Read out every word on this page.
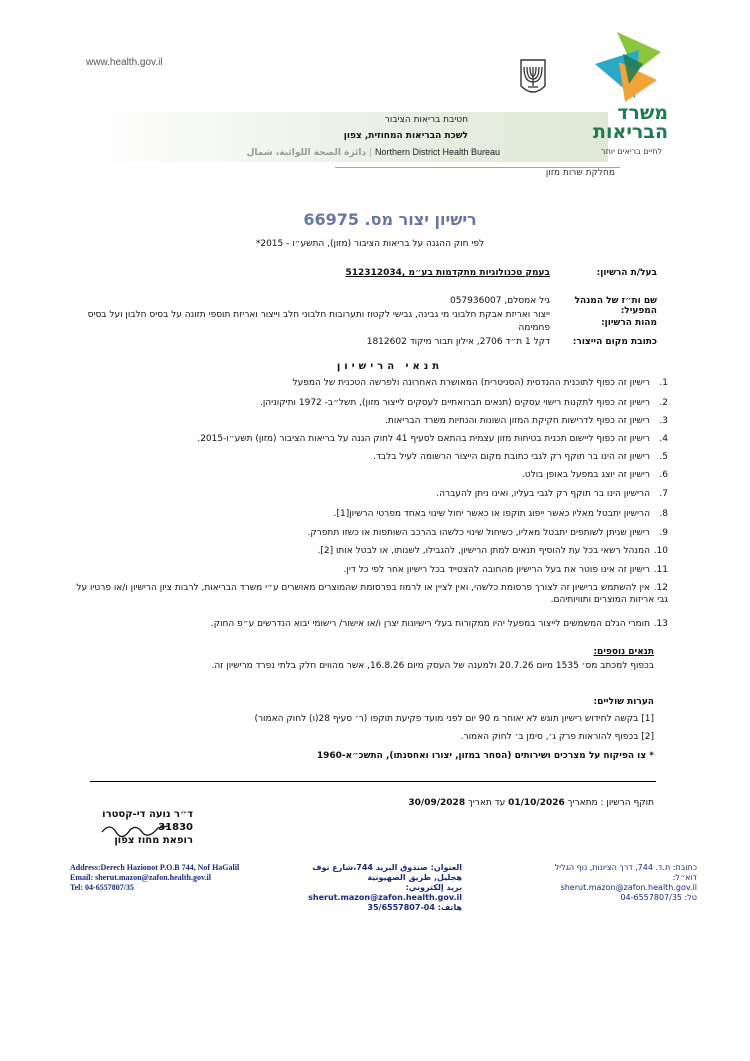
www.health.gov.il
משרד
הבריאות
לחיים בריאים יותר
חטיבת בריאות הציבור
לשכת הבריאות המחוזית, צפון
دائرة الصحة اللوائية، شمال | Northern District Health Bureau
מחלקת שרות מזון
רישיון יצור מס. 66975
לפי חוק ההגנה על בריאות הציבור (מזון), התשע״ו - 2015*
בעל/ת הרשיון:
בעמק טכנולוגיות מתקדמות בע״מ ,512312034
שם ות״ז של המנהל המפעיל:
גיל אמסלם, 057936007
מהות הרשיון:
ייצור ואריזת אבקת חלבוני מי גבינה, גבישי לקטוז ותערובות חלבוני חלב וייצור ואריזת תוספי תזונה על בסיס חלבון ועל בסיס פחמימה
כתובת מקום הייצור:
דקל 1 ת״ד 2706, אילון תבור מיקוד 1812602
תנאי הרישיון
1.רישיון זה כפוף לתוכנית ההנדסית (הסניטרית) המאושרת האחרונה ולפרשה הטכנית של המפעל
2.רישיון זה כפוף לתקנות רישוי עסקים (תנאים תברואתיים לעסקים לייצור מזון), תשל״ב- 1972 ותיקוניהן.
3.רישיון זה כפוף לדרישות חקיקת המזון השונות והנחיות משרד הבריאות.
4.רישיון זה כפוף ליישום תכנית בטיחות מזון עצמית בהתאם לסעיף 41 לחוק הגנה על בריאות הציבור (מזון) תשע״ו-2015.
5.רישיון זה הינו בר תוקף רק לגבי כתובת מקום הייצור הרשומה לעיל בלבד.
6.רישיון זה יוצג במפעל באופן בולט.
7.הרישיון הינו בר תוקף רק לגבי בעליו, ואינו ניתן להעברה.
8.הרישיון יתבטל מאליו כאשר ייפוג תוקפו או כאשר יחול שינוי באחד מפרטי הרשיון[1].
9.רישיון שניתן לשותפים יתבטל מאליו, כשיחול שינוי כלשהו בהרכב השותפות או כשזו תתפרק.
10.המנהל רשאי בכל עת להוסיף תנאים למתן הרישיון, להגבילו, לשנותו, או לבטל אותו [2].
11.רישיון זה אינו פוטר את בעל הרישיון מהחובה להצטייד בכל רישיון אחר לפי כל דין.
12.אין להשתמש ברישיון זה לצורך פרסומת כלשהי, ואין לציין או לרמוז בפרסומת שהמוצרים מאושרים ע״י משרד הבריאות, לרבות ציון הרישיון ו/או פרטיו על גבי אריזות המוצרים ותוויותיהם.
13.חומרי הגלם המשמשים לייצור במפעל יהיו ממקורות בעלי רישיונות יצרן ו/או אישור/ רישומי יבוא הנדרשים ע״פ החוק.
תנאים נוספים:
בכפוף למכתב מס׳ 1535 מיום 20.7.26 ולמענה של העסק מיום 16.8.26, אשר מהווים חלק בלתי נפרד מרישיון זה.
הערות שוליים:
[1] בקשה לחידוש רישיון תוגש לא יאוחר מ 90 יום לפני מועד פקיעת תוקפו (ר׳ סעיף 28(ו) לחוק האמור)
[2] בכפוף להוראות פרק ג׳, סימן ב׳ לחוק האמור.
* צו הפיקוח על מצרכים ושירותים (הסחר במזון, יצורו ואחסנתו), התשכ״א-1960
תוקף הרשיון : מתאריך 01/10/2026 עד תאריך 30/09/2028
ד״ר נועה די-קסטרו
31830
רופאת מחוז צפון
Address:Derech Hazionot P.O.B 744, Nof HaGalil
Email: sherut.mazon@zafon.health.gov.il
Tel: 04-6557807/35
العنوان: صندوق البريد 744،شارع نوف هجليل, طريق الصهيونية
بريد إلكتروني: sherut.mazon@zafon.health.gov.il
هاتف: 04-35/6557807
כתובת: ת.ד. 744, דרך הציונות, נוף הגליל
דוא״ל: sherut.mazon@zafon.health.gov.il
טל: 04-6557807/35
